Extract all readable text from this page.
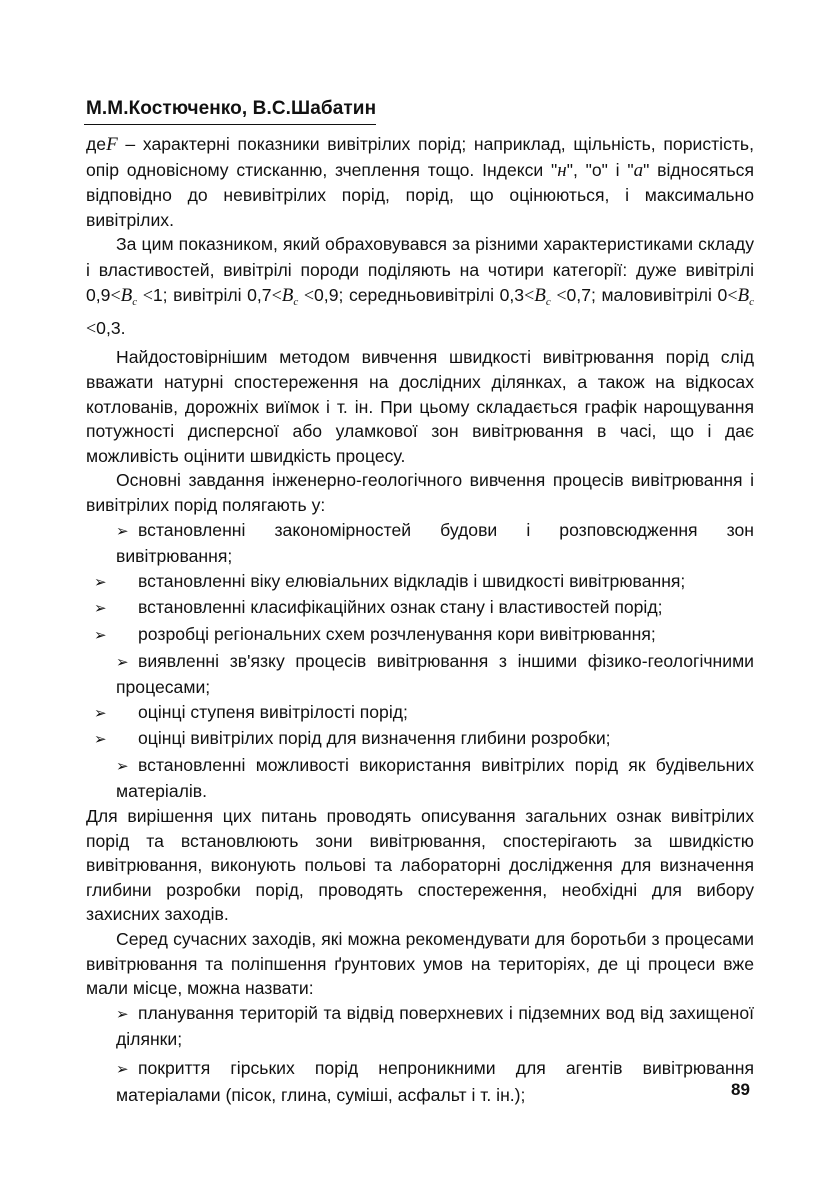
М.М.Костюченко, В.С.Шабатин

деF – характерні показники вивітрілих порід; наприклад, щільність, пористість, опір одновісному стисканню, зчеплення тощо. Індекси "н", "о" і "а" відносяться відповідно до невивітрілих порід, порід, що оцінюються, і максимально вивітрілих.

За цим показником, який обраховувався за різними характеристиками складу і властивостей, вивітрілі породи поділяють на чотири категорії: дуже вивітрілі $0,9<B_c <1$; вивітрілі $0,7<B_c <0,9$; середньовивітрілі $0,3<B_c <0,7$; маловивітрілі $0<B_c <0,3$.

Найдостовірнішим методом вивчення швидкості вивітрювання порід слід вважати натурні спостереження на дослідних ділянках, а також на відкосах котлованів, дорожніх виїмок і т. ін. При цьому складається графік нарощування потужності дисперсної або уламкової зон вивітрювання в часі, що і дає можливість оцінити швидкість процесу.

Основні завдання інженерно-геологічного вивчення процесів вивітрювання і вивітрілих порід полягають у:

➢ встановленні закономірностей будови і розповсюдження зон вивітрювання;
➢ встановленні віку елювіальних відкладів і швидкості вивітрювання;
➢ встановленні класифікаційних ознак стану і властивостей порід;
➢ розробці регіональних схем розчленування кори вивітрювання;
➢ виявленні зв'язку процесів вивітрювання з іншими фізико-геологічними процесами;
➢ оцінці ступеня вивітрілості порід;
➢ оцінці вивітрілих порід для визначення глибини розробки;
➢ встановленні можливості використання вивітрілих порід як будівельних матеріалів.

Для вирішення цих питань проводять описування загальних ознак вивітрілих порід та встановлюють зони вивітрювання, спостерігають за швидкістю вивітрювання, виконують польові та лабораторні дослідження для визначення глибини розробки порід, проводять спостереження, необхідні для вибору захисних заходів.

Серед сучасних заходів, які можна рекомендувати для боротьби з процесами вивітрювання та поліпшення ґрунтових умов на територіях, де ці процеси вже мали місце, можна назвати:

➢ планування територій та відвід поверхневих і підземних вод від захищеної ділянки;
➢ покриття гірських порід непроникними для агентів вивітрювання матеріалами (пісок, глина, суміші, асфальт і т. ін.);	89
